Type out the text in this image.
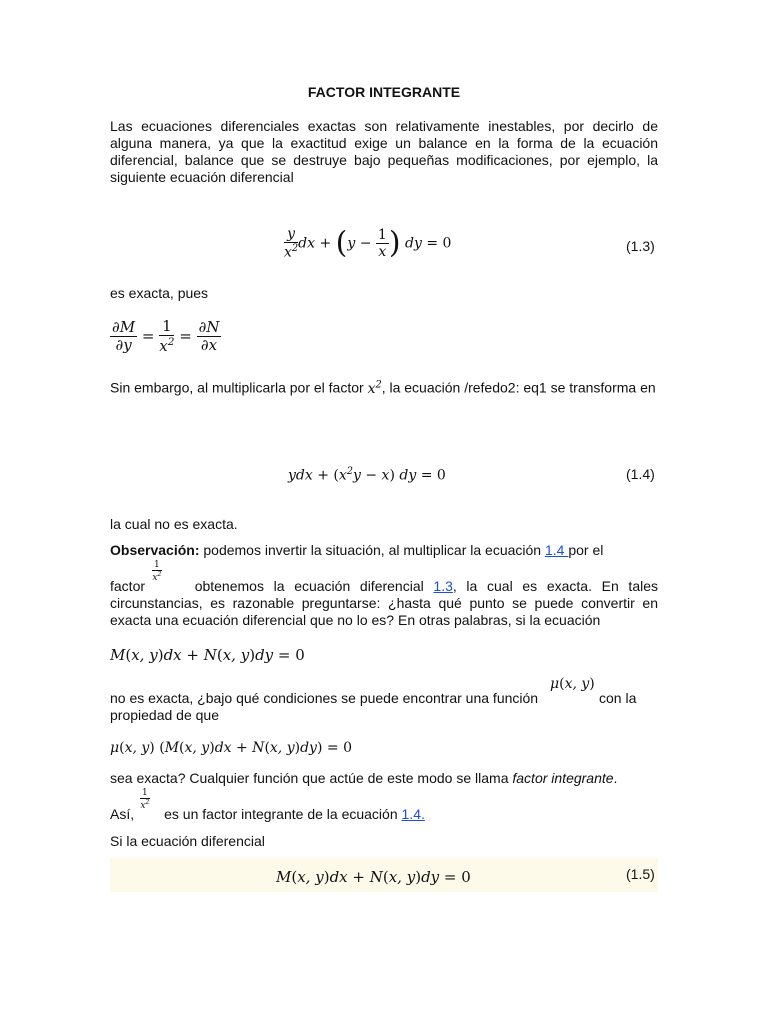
FACTOR INTEGRANTE
Las ecuaciones diferenciales exactas son relativamente inestables, por decirlo de alguna manera, ya que la exactitud exige un balance en la forma de la ecuación diferencial, balance que se destruye bajo pequeñas modificaciones, por ejemplo, la siguiente ecuación diferencial
$\frac{y}{x^2}$ dx + ($y - \frac{1}{x}$ ) dy = 0	(1.3)
es exacta, pues
$\frac{\partial M}{\partial y} = \frac{1}{x^2} = \frac{\partial N}{\partial x}$
Sin embargo, al multiplicarla por el factor $x^2$, la ecuación /refedo2: eq1 se transforma en
ydx + $(x^2y - x)$ dy = 0	(1.4)
la cual no es exacta.
Observación: podemos invertir la situación, al multiplicar la ecuación 1.4 por el
$\frac{1}{x^2}$
factor	obtenemos la ecuación diferencial 1.3, la cual es exacta. En tales circunstancias, es razonable preguntarse: ¿hasta qué punto se puede convertir en exacta una ecuación diferencial que no lo es? En otras palabras, si la ecuación
M(x, y)dx + N(x, y)dy = 0
μ(x, y)
no es exacta, ¿bajo qué condiciones se puede encontrar una función	con la
propiedad de que
μ(x, y) (M(x, y)dx + N(x, y)dy) = 0
sea exacta? Cualquier función que actúe de este modo se llama factor integrante.
$\frac{1}{x^2}$
Así, es un factor integrante de la ecuación 1.4.
Si la ecuación diferencial
M(x, y)dx + N(x, y)dy = 0	(1.5)
